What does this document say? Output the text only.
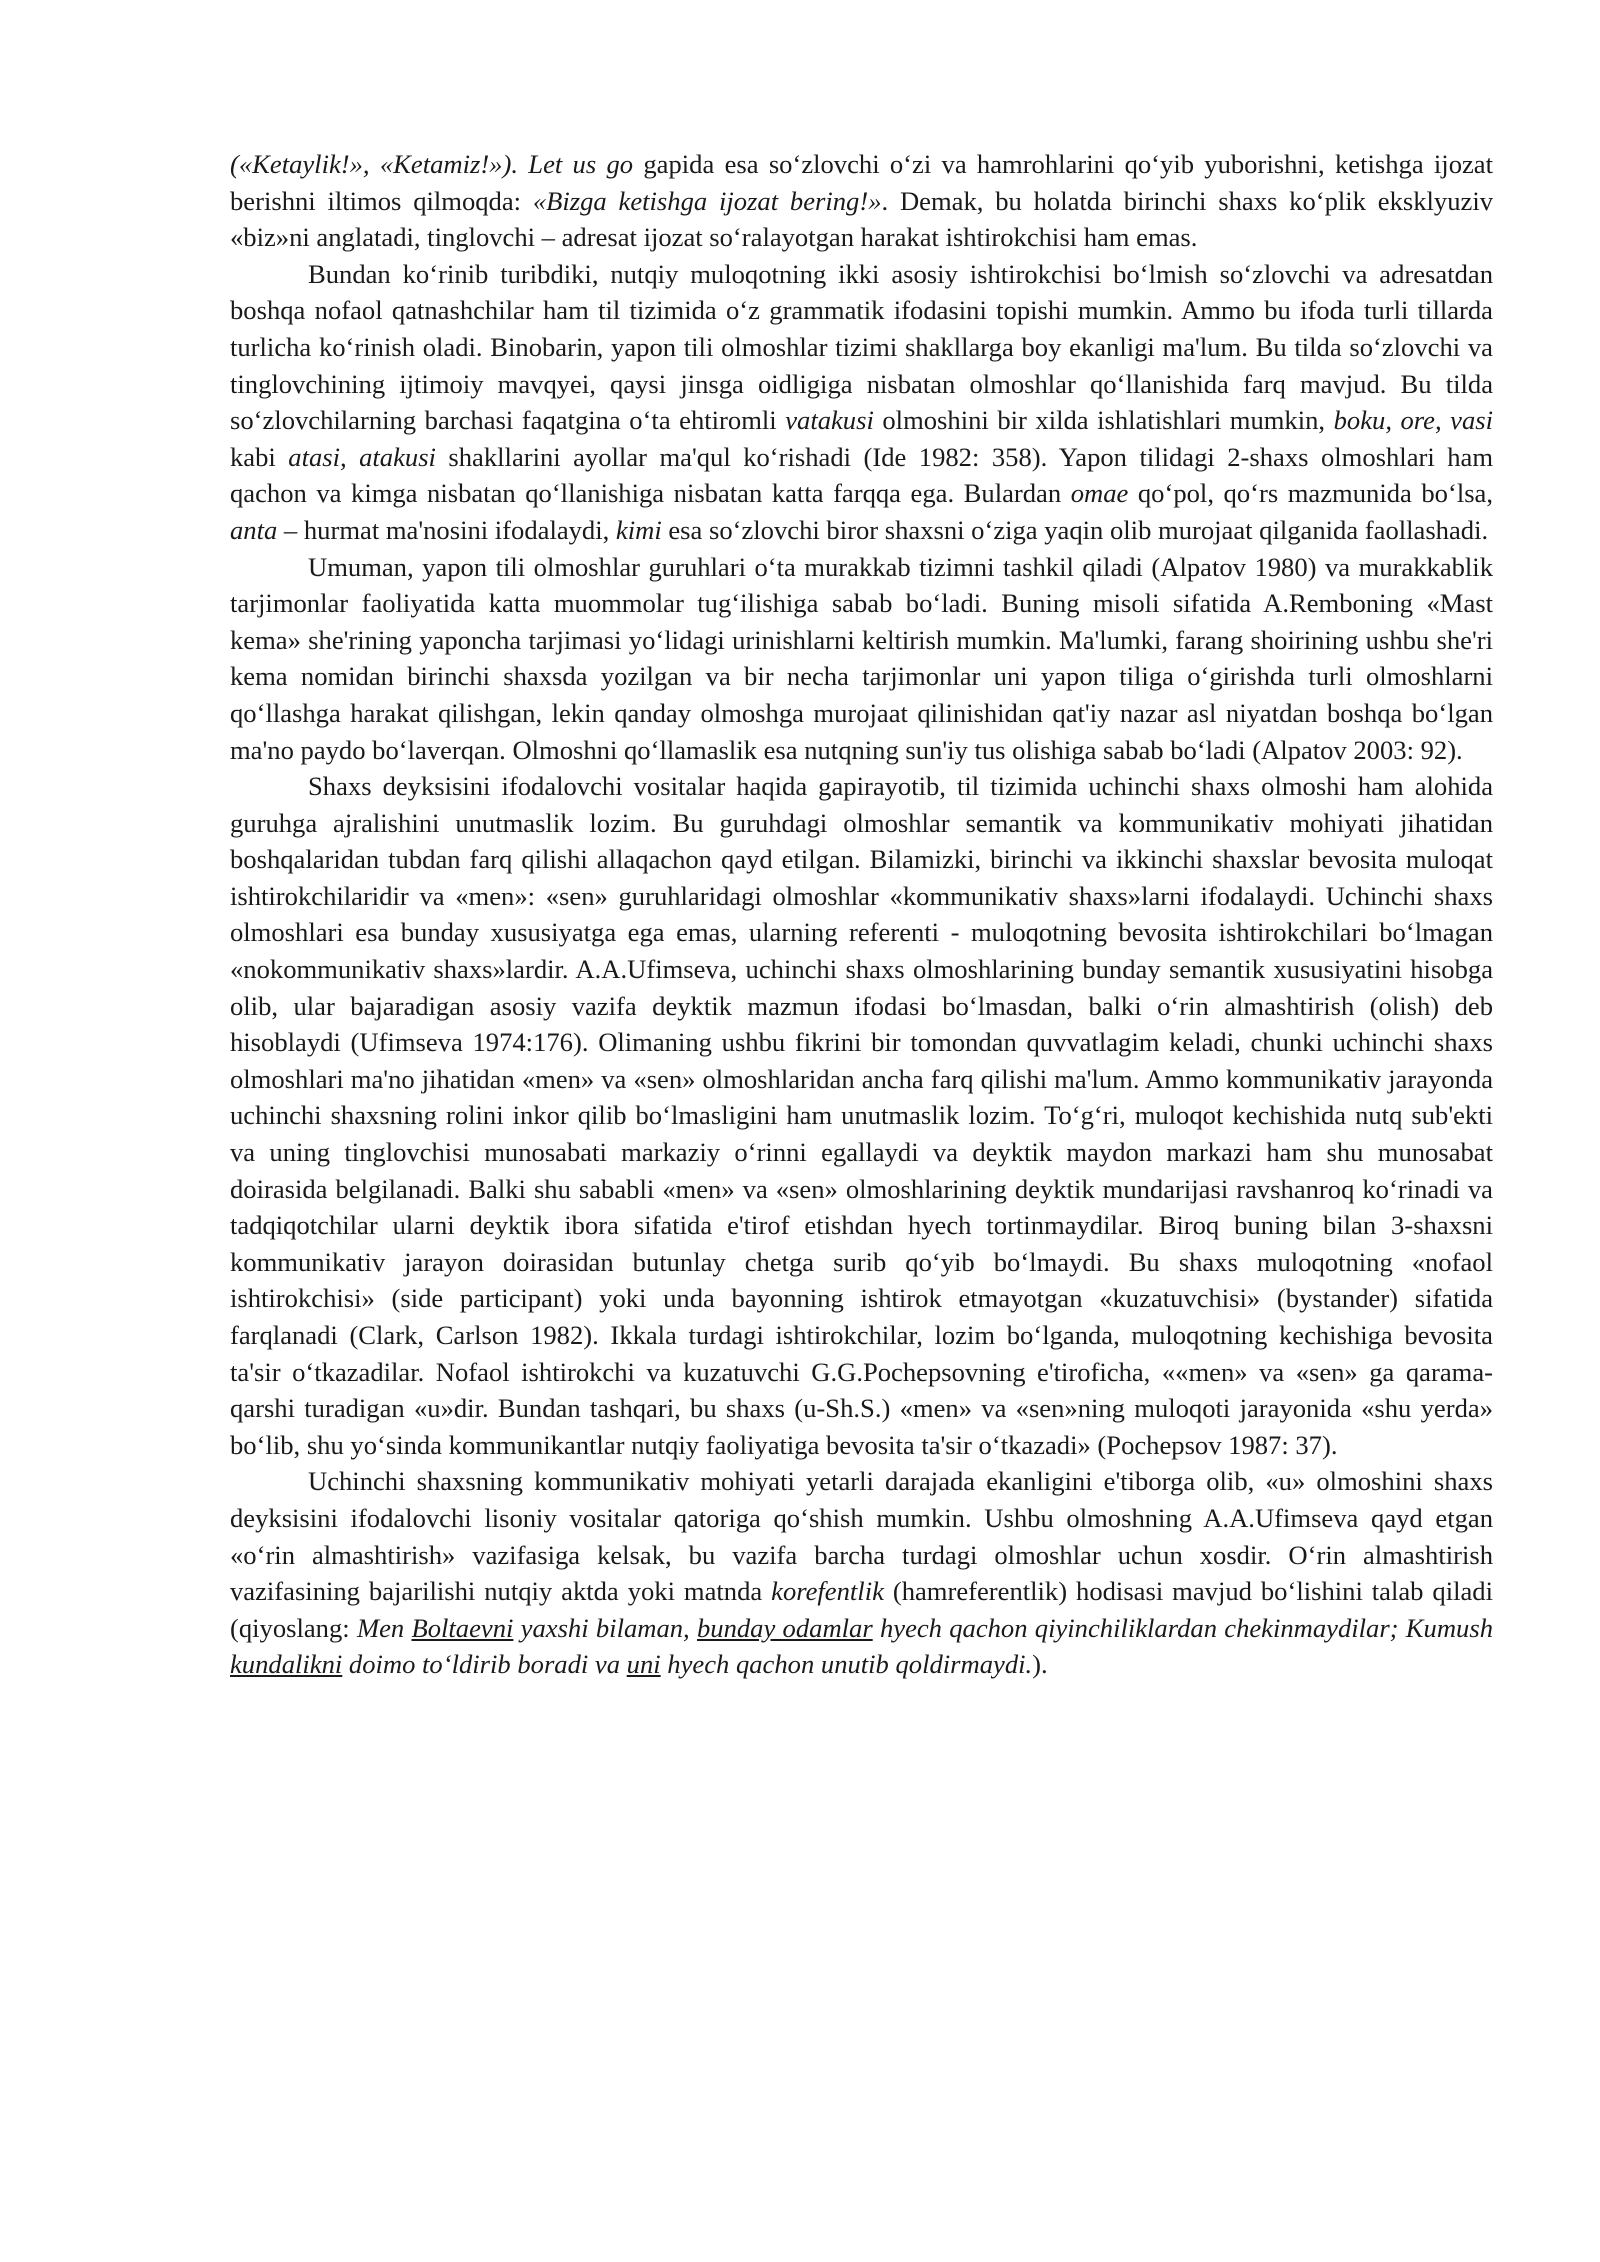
(«Ketaylik!», «Ketamiz!»). Let us go gapida esa so‘zlovchi o‘zi va hamrohlarini qo‘yib yuborishni, ketishga ijozat berishni iltimos qilmoqda: «Bizga ketishga ijozat bering!». Demak, bu holatda birinchi shaxs ko‘plik eksklyuziv «biz»ni anglatadi, tinglovchi – adresat ijozat so‘ralayotgan harakat ishtirokchisi ham emas.

Bundan ko‘rinib turibdiki, nutqiy muloqotning ikki asosiy ishtirokchisi bo‘lmish so‘zlovchi va adresatdan boshqa nofaol qatnashchilar ham til tizimida o‘z grammatik ifodasini topishi mumkin. Ammo bu ifoda turli tillarda turlicha ko‘rinish oladi. Binobarin, yapon tili olmoshlar tizimi shakllarga boy ekanligi ma'lum. Bu tilda so‘zlovchi va tinglovchining ijtimoiy mavqyei, qaysi jinsga oidligiga nisbatan olmoshlar qo‘llanishida farq mavjud. Bu tilda so‘zlovchilarning barchasi faqatgina o‘ta ehtiromli vatakusi olmoshini bir xilda ishlatishlari mumkin, boku, ore, vasi kabi atasi, atakusi shakllarini ayollar ma'qul ko‘rishadi (Ide 1982: 358). Yapon tilidagi 2-shaxs olmoshlari ham qachon va kimga nisbatan qo‘llanishiga nisbatan katta farqqa ega. Bulardan omae qo‘pol, qo‘rs mazmunida bo‘lsa, anta – hurmat ma'nosini ifodalaydi, kimi esa so‘zlovchi biror shaxsni o‘ziga yaqin olib murojaat qilganida faollashadi.

Umuman, yapon tili olmoshlar guruhlari o‘ta murakkab tizimni tashkil qiladi (Alpatov 1980) va murakkablik tarjimonlar faoliyatida katta muommolar tug‘ilishiga sabab bo‘ladi. Buning misoli sifatida A.Remboning «Mast kema» she'rining yaponcha tarjimasi yo‘lidagi urinishlarni keltirish mumkin. Ma'lumki, farang shoirining ushbu she'ri kema nomidan birinchi shaxsda yozilgan va bir necha tarjimonlar uni yapon tiliga o‘girishda turli olmoshlarni qo‘llashga harakat qilishgan, lekin qanday olmoshga murojaat qilinishidan qat'iy nazar asl niyatdan boshqa bo‘lgan ma'no paydo bo‘laverqan. Olmoshni qo‘llamaslik esa nutqning sun'iy tus olishiga sabab bo‘ladi (Alpatov 2003: 92).

Shaxs deyksisini ifodalovchi vositalar haqida gapirayotib, til tizimida uchinchi shaxs olmoshi ham alohida guruhga ajralishini unutmaslik lozim. Bu guruhdagi olmoshlar semantik va kommunikativ mohiyati jihatidan boshqalaridan tubdan farq qilishi allaqachon qayd etilgan. Bilamizki, birinchi va ikkinchi shaxslar bevosita muloqat ishtirokchilaridir va «men»: «sen» guruhlaridagi olmoshlar «kommunikativ shaxs»larni ifodalaydi. Uchinchi shaxs olmoshlari esa bunday xususiyatga ega emas, ularning referenti - muloqotning bevosita ishtirokchilari bo‘lmagan «nokommunikativ shaxs»lardir. A.A.Ufimseva, uchinchi shaxs olmoshlarining bunday semantik xususiyatini hisobga olib, ular bajaradigan asosiy vazifa deyktik mazmun ifodasi bo‘lmasdan, balki o‘rin almashtirish (olish) deb hisoblaydi (Ufimseva 1974:176). Olimaning ushbu fikrini bir tomondan quvvatlagim keladi, chunki uchinchi shaxs olmoshlari ma'no jihatidan «men» va «sen» olmoshlaridan ancha farq qilishi ma'lum. Ammo kommunikativ jarayonda uchinchi shaxsning rolini inkor qilib bo‘lmasligini ham unutmaslik lozim. To‘g‘ri, muloqot kechishida nutq sub'ekti va uning tinglovchisi munosabati markaziy o‘rinni egallaydi va deyktik maydon markazi ham shu munosabat doirasida belgilanadi. Balki shu sababli «men» va «sen» olmoshlarining deyktik mundarijasi ravshanroq ko‘rinadi va tadqiqotchilar ularni deyktik ibora sifatida e'tirof etishdan hyech tortinmaydilar. Biroq buning bilan 3-shaxsni kommunikativ jarayon doirasidan butunlay chetga surib qo‘yib bo‘lmaydi. Bu shaxs muloqotning «nofaol ishtirokchisi» (side participant) yoki unda bayonning ishtirok etmayotgan «kuzatuvchisi» (bystander) sifatida farqlanadi (Clark, Carlson 1982). Ikkala turdagi ishtirokchilar, lozim bo‘lganda, muloqotning kechishiga bevosita ta'sir o‘tkazadilar. Nofaol ishtirokchi va kuzatuvchi G.G.Pochepsovning e'tiroficha, ««men» va «sen» ga qarama-qarshi turadigan «u»dir. Bundan tashqari, bu shaxs (u-Sh.S.) «men» va «sen»ning muloqoti jarayonida «shu yerda» bo‘lib, shu yo‘sinda kommunikantlar nutqiy faoliyatiga bevosita ta'sir o‘tkazadi» (Pochepsov 1987: 37).

Uchinchi shaxsning kommunikativ mohiyati yetarli darajada ekanligini e'tiborga olib, «u» olmoshini shaxs deyksisini ifodalovchi lisoniy vositalar qatoriga qo‘shish mumkin. Ushbu olmoshning A.A.Ufimseva qayd etgan «o‘rin almashtirish» vazifasiga kelsak, bu vazifa barcha turdagi olmoshlar uchun xosdir. O‘rin almashtirish vazifasining bajarilishi nutqiy aktda yoki matnda korefentlik (hamreferentlik) hodisasi mavjud bo‘lishini talab qiladi (qiyoslang: Men Boltaevni yaxshi bilaman, bunday odamlar hyech qachon qiyinchiliklardan chekinmaydilar; Kumush kundalikni doimo to‘ldirib boradi va uni hyech qachon unutib qoldirmaydi.).
